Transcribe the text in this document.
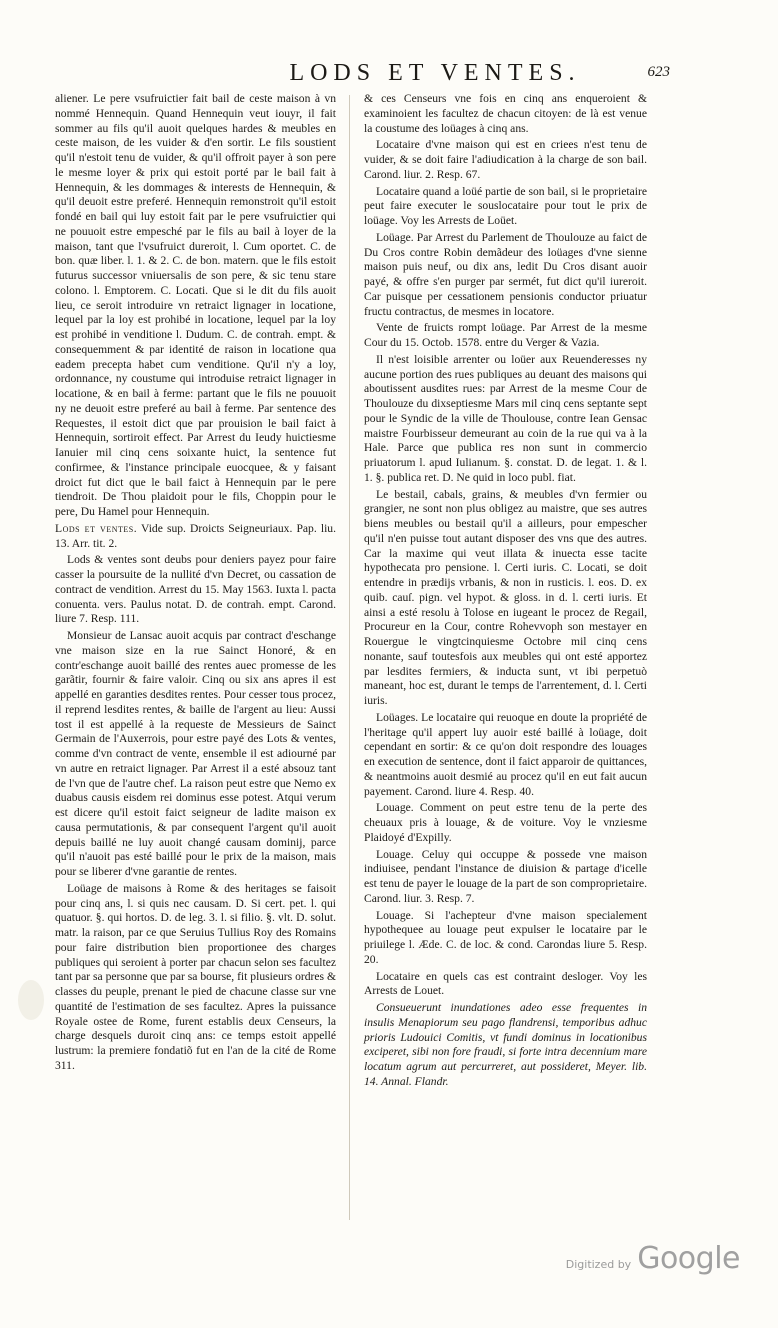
LODS ET VENTES.	623

aliener. Le pere vsufruictier fait bail de ceste maison à vn nommé Hennequin. Quand Hennequin veut iouyr, il fait sommer au fils qu'il auoit quelques hardes & meubles en ceste maison, de les vuider & d'en sortir. Le fils soustient qu'il n'estoit tenu de vuider, & qu'il offroit payer à son pere le mesme loyer & prix qui estoit porté par le bail fait à Hennequin, & les dommages & interests de Hennequin, & qu'il deuoit estre preferé. Hennequin remonstroit qu'il estoit fondé en bail qui luy estoit fait par le pere vsufruictier qui ne pouuoit estre empesché par le fils au bail à loyer de la maison, tant que l'vsufruict dureroit, l. Cum oportet. C. de bon. quæ liber. l. 1. & 2. C. de bon. matern. que le fils estoit futurus successor vniuersalis de son pere, & sic tenu stare colono. l. Emptorem. C. Locati. Que si le dit du fils auoit lieu, ce seroit introduire vn retraict lignager in locatione, lequel par la loy est prohibé in locatione, lequel par la loy est prohibé in venditione l. Dudum. C. de contrah. empt. & consequemment & par identité de raison in locatione qua eadem precepta habet cum venditione. Qu'il n'y a loy, ordonnance, ny coustume qui introduise retraict lignager in locatione, & en bail à ferme: partant que le fils ne pouuoit ny ne deuoit estre preferé au bail à ferme. Par sentence des Requestes, il estoit dict que par prouision le bail faict à Hennequin, sortiroit effect. Par Arrest du Ieudy huictiesme Ianuier mil cinq cens soixante huict, la sentence fut confirmee, & l'instance principale euocquee, & y faisant droict fut dict que le bail faict à Hennequin par le pere tiendroit. De Thou plaidoit pour le fils, Choppin pour le pere, Du Hamel pour Hennequin.

Lods et ventes. Vide sup. Droicts Seigneuriaux. Pap. liu. 13. Arr. tit. 2.

Lods & ventes sont deubs pour deniers payez pour faire casser la poursuite de la nullité d'vn Decret, ou cassation de contract de vendition. Arrest du 15. May 1563. Iuxta l. pacta conuenta. vers. Paulus notat. D. de contrah. empt. Carond. liure 7. Resp. 111.

Monsieur de Lansac auoit acquis par contract d'eschange vne maison size en la rue Sainct Honoré, & en contr'eschange auoit baillé des rentes auec promesse de les garãtir, fournir & faire valoir. Cinq ou six ans apres il est appellé en garanties desdites rentes. Pour cesser tous procez, il reprend lesdites rentes, & baille de l'argent au lieu: Aussi tost il est appellé à la requeste de Messieurs de Sainct Germain de l'Auxerrois, pour estre payé des Lots & ventes, comme d'vn contract de vente, ensemble il est adiourné par vn autre en retraict lignager. Par Arrest il a esté absouz tant de l'vn que de l'autre chef. La raison peut estre que Nemo ex duabus causis eisdem rei dominus esse potest. Atqui verum est dicere qu'il estoit faict seigneur de ladite maison ex causa permutationis, & par consequent l'argent qu'il auoit depuis baillé ne luy auoit changé causam dominij, parce qu'il n'auoit pas esté baillé pour le prix de la maison, mais pour se liberer d'vne garantie de rentes.

Loüage de maisons à Rome & des heritages se faisoit pour cinq ans, l. si quis nec causam. D. Si cert. pet. l. qui quatuor. §. qui hortos. D. de leg. 3. l. si filio. §. vlt. D. solut. matr. la raison, par ce que Seruius Tullius Roy des Romains pour faire distribution bien proportionee des charges publiques qui seroient à porter par chacun selon ses facultez tant par sa personne que par sa bourse, fit plusieurs ordres & classes du peuple, prenant le pied de chacune classe sur vne quantité de l'estimation de ses facultez. Apres la puissance Royale ostee de Rome, furent establis deux Censeurs, la charge desquels duroit cinq ans: ce temps estoit appellé lustrum: la premiere fondatiõ fut en l'an de la cité de Rome 311.

& ces Censeurs vne fois en cinq ans enqueroient & examinoient les facultez de chacun citoyen: de là est venue la coustume des loüages à cinq ans.

Locataire d'vne maison qui est en criees n'est tenu de vuider, & se doit faire l'adiudication à la charge de son bail. Carond. liur. 2. Resp. 67.

Locataire quand a loüé partie de son bail, si le proprietaire peut faire executer le souslocataire pour tout le prix de loüage. Voy les Arrests de Loüet.

Loüage. Par Arrest du Parlement de Thoulouze au faict de Du Cros contre Robin demãdeur des loüages d'vne sienne maison puis neuf, ou dix ans, ledit Du Cros disant auoir payé, & offre s'en purger par sermét, fut dict qu'il iureroit. Car puisque per cessationem pensionis conductor priuatur fructu contractus, de mesmes in locatore.

Vente de fruicts rompt loüage. Par Arrest de la mesme Cour du 15. Octob. 1578. entre du Verger & Vazia.

Il n'est loisible arrenter ou loüer aux Reuenderesses ny aucune portion des rues publiques au deuant des maisons qui aboutissent ausdites rues: par Arrest de la mesme Cour de Thoulouze du dixseptiesme Mars mil cinq cens septante sept pour le Syndic de la ville de Thoulouse, contre Iean Gensac maistre Fourbisseur demeurant au coin de la rue qui va à la Hale. Parce que publica res non sunt in commercio priuatorum l. apud Iulianum. §. constat. D. de legat. 1. & l. 1. §. publica ret. D. Ne quid in loco publ. fiat.

Le bestail, cabals, grains, & meubles d'vn fermier ou grangier, ne sont non plus obligez au maistre, que ses autres biens meubles ou bestail qu'il a ailleurs, pour empescher qu'il n'en puisse tout autant disposer des vns que des autres. Car la maxime qui veut illata & inuecta esse tacite hypothecata pro pensione. l. Certi iuris. C. Locati, se doit entendre in prædijs vrbanis, & non in rusticis. l. eos. D. ex quib. cauſ. pign. vel hypot. & gloss. in d. l. certi iuris. Et ainsi a esté resolu à Tolose en iugeant le procez de Regail, Procureur en la Cour, contre Rohevvoph son mestayer en Rouergue le vingtcinquiesme Octobre mil cinq cens nonante, sauf toutesfois aux meubles qui ont esté apportez par lesdites fermiers, & inducta sunt, vt ibi perpetuò maneant, hoc est, durant le temps de l'arrentement, d. l. Certi iuris.

Loüages. Le locataire qui reuoque en doute la propriété de l'heritage qu'il appert luy auoir esté baillé à loüage, doit cependant en sortir: & ce qu'on doit respondre des louages en execution de sentence, dont il faict apparoir de quittances, & neantmoins auoit desmié au procez qu'il en eut fait aucun payement. Carond. liure 4. Resp. 40.

Louage. Comment on peut estre tenu de la perte des cheuaux pris à louage, & de voiture. Voy le vnziesme Plaidoyé d'Expilly.

Louage. Celuy qui occuppe & possede vne maison indiuisee, pendant l'instance de diuision & partage d'icelle est tenu de payer le louage de la part de son comproprietaire. Carond. liur. 3. Resp. 7.

Louage. Si l'achepteur d'vne maison specialement hypothequee au louage peut expulser le locataire par le priuilege l. Æde. C. de loc. & cond. Carondas liure 5. Resp. 20.

Locataire en quels cas est contraint desloger. Voy les Arrests de Louet.

Consueuerunt inundationes adeo esse frequentes in insulis Menapiorum seu pago flandrensi, temporibus adhuc prioris Ludouici Comitis, vt fundi dominus in locationibus exciperet, sibi non fore fraudi, si forte intra decennium mare locatum agrum aut percurreret, aut possideret, Meyer. lib. 14. Annal. Flandr.

Digitized by Google
